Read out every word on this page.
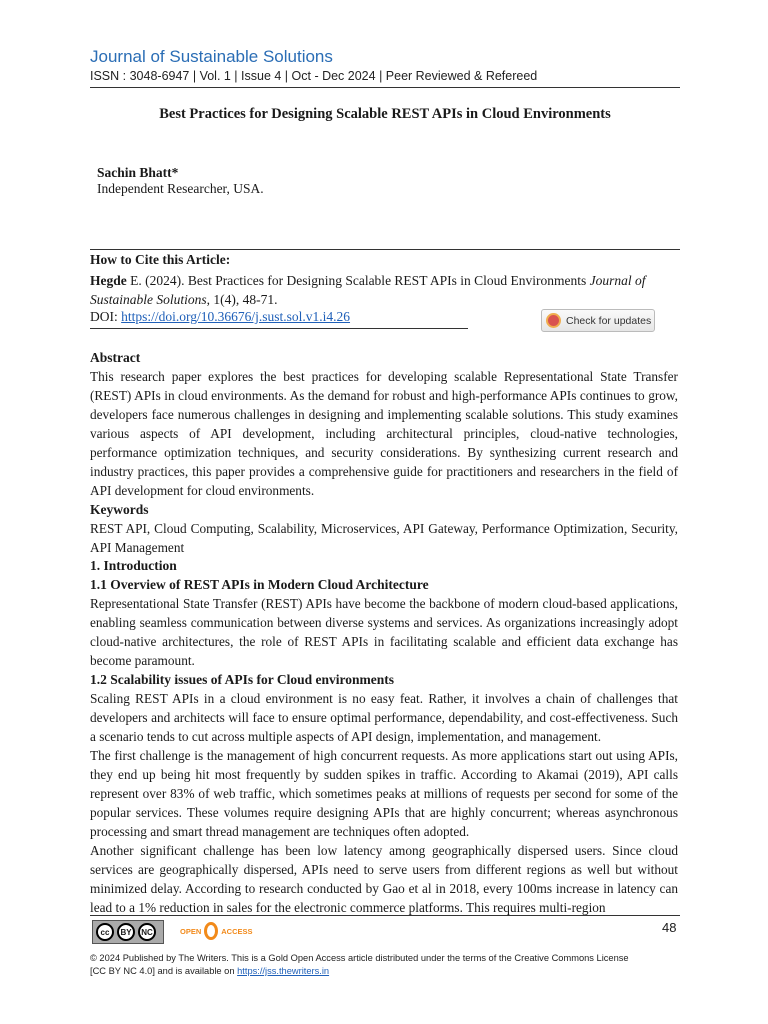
Journal of Sustainable Solutions
ISSN : 3048-6947 | Vol. 1 | Issue 4 | Oct - Dec 2024 | Peer Reviewed & Refereed
Best Practices for Designing Scalable REST APIs in Cloud Environments
Sachin Bhatt*
Independent Researcher, USA.
How to Cite this Article:
Hegde E. (2024). Best Practices for Designing Scalable REST APIs in Cloud Environments Journal of Sustainable Solutions, 1(4), 48-71.
DOI: https://doi.org/10.36676/j.sust.sol.v1.i4.26	Check for updates
Abstract

This research paper explores the best practices for developing scalable Representational State Transfer (REST) APIs in cloud environments. As the demand for robust and high-performance APIs continues to grow, developers face numerous challenges in designing and implementing scalable solutions. This study examines various aspects of API development, including architectural principles, cloud-native technologies, performance optimization techniques, and security considerations. By synthesizing current research and industry practices, this paper provides a comprehensive guide for practitioners and researchers in the field of API development for cloud environments.

Keywords

REST API, Cloud Computing, Scalability, Microservices, API Gateway, Performance Optimization, Security, API Management

1. Introduction
1.1 Overview of REST APIs in Modern Cloud Architecture

Representational State Transfer (REST) APIs have become the backbone of modern cloud-based applications, enabling seamless communication between diverse systems and services. As organizations increasingly adopt cloud-native architectures, the role of REST APIs in facilitating scalable and efficient data exchange has become paramount.

1.2 Scalability issues of APIs for Cloud environments

Scaling REST APIs in a cloud environment is no easy feat. Rather, it involves a chain of challenges that developers and architects will face to ensure optimal performance, dependability, and cost-effectiveness. Such a scenario tends to cut across multiple aspects of API design, implementation, and management.

The first challenge is the management of high concurrent requests. As more applications start out using APIs, they end up being hit most frequently by sudden spikes in traffic. According to Akamai (2019), API calls represent over 83% of web traffic, which sometimes peaks at millions of requests per second for some of the popular services. These volumes require designing APIs that are highly concurrent; whereas asynchronous processing and smart thread management are techniques often adopted.

Another significant challenge has been low latency among geographically dispersed users. Since cloud services are geographically dispersed, APIs need to serve users from different regions as well but without minimized delay. According to research conducted by Gao et al in 2018, every 100ms increase in latency can lead to a 1% reduction in sales for the electronic commerce platforms. This requires multi-region

48
cc	BY	NC	OPEN	ACCESS
© 2024 Published by The Writers. This is a Gold Open Access article distributed under the terms of the Creative Commons License
[CC BY NC 4.0] and is available on https://jss.thewriters.in
